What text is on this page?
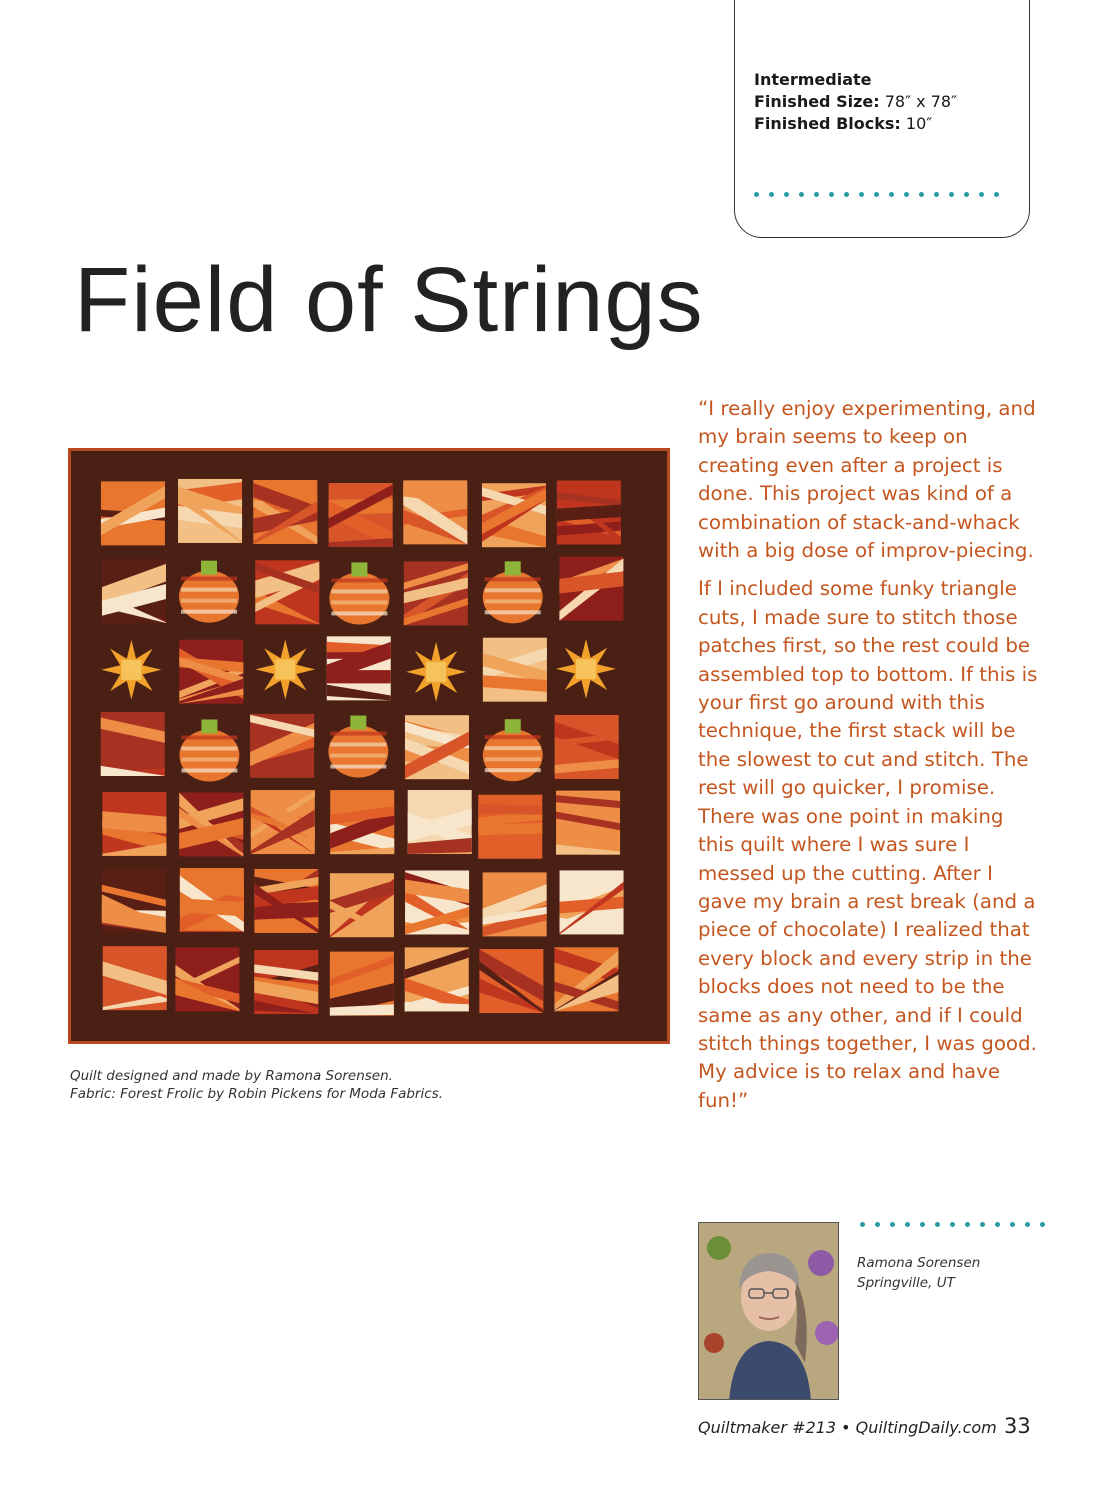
Intermediate
Finished Size: 78″ x 78″
Finished Blocks: 10″
Field of Strings
Quilt designed and made by Ramona Sorensen.
Fabric: Forest Frolic by Robin Pickens for Moda Fabrics.

“I really enjoy experimenting, and my brain seems to keep on creating even after a project is done. This project was kind of a combination of stack-and-whack with a big dose of improv-piecing.

If I included some funky triangle cuts, I made sure to stitch those patches first, so the rest could be assembled top to bottom. If this is your first go around with this technique, the first stack will be the slowest to cut and stitch. The rest will go quicker, I promise. There was one point in making this quilt where I was sure I messed up the cutting. After I gave my brain a rest break (and a piece of chocolate) I realized that every block and every strip in the blocks does not need to be the same as any other, and if I could stitch things together, I was good. My advice is to relax and have fun!”

Ramona Sorensen
Springville, UT
Quiltmaker #213 • QuiltingDaily.com 33
